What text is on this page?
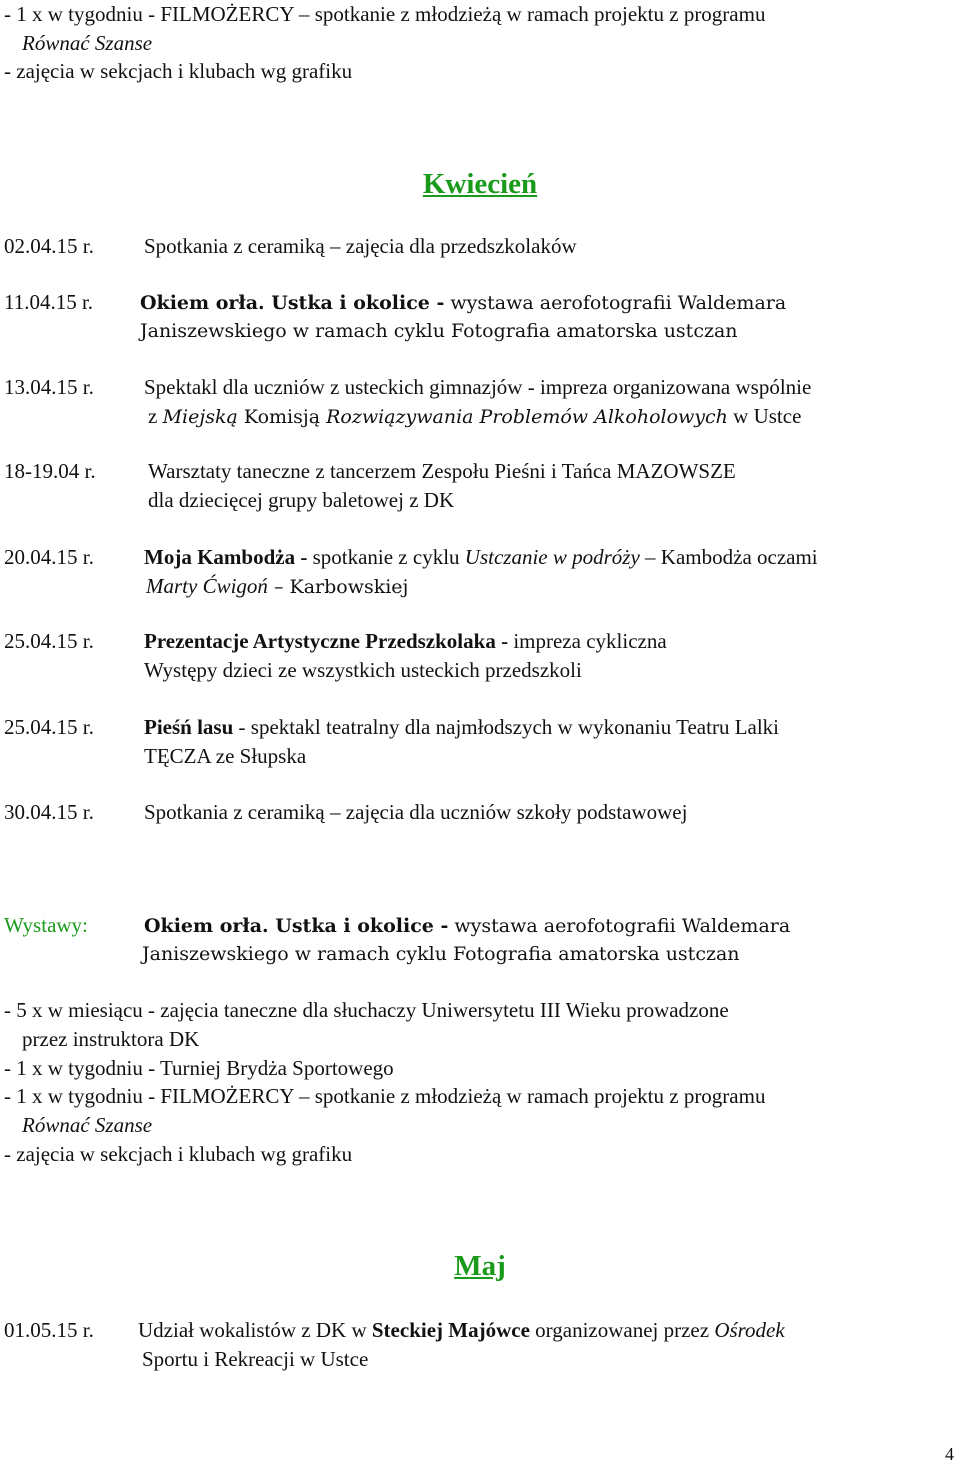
- 1 x w tygodniu - FILMOŻERCY – spotkanie z młodzieżą w ramach projektu z programu
Równać Szanse
- zajęcia w sekcjach i klubach wg grafiku
Kwiecień
02.04.15 r. Spotkania z ceramiką – zajęcia dla przedszkolaków
11.04.15 r. Okiem orła. Ustka i okolice - wystawa aerofotografii Waldemara
Janiszewskiego w ramach cyklu Fotografia amatorska ustczan
13.04.15 r. Spektakl dla uczniów z usteckich gimnazjów - impreza organizowana wspólnie
z Miejską Komisją Rozwiązywania Problemów Alkoholowych w Ustce
18-19.04 r. Warsztaty taneczne z tancerzem Zespołu Pieśni i Tańca MAZOWSZE
dla dziecięcej grupy baletowej z DK
20.04.15 r. Moja Kambodża - spotkanie z cyklu Ustczanie w podróży – Kambodża oczami
Marty Ćwigoń – Karbowskiej
25.04.15 r. Prezentacje Artystyczne Przedszkolaka - impreza cykliczna
Występy dzieci ze wszystkich usteckich przedszkoli
25.04.15 r. Pieśń lasu - spektakl teatralny dla najmłodszych w wykonaniu Teatru Lalki
TĘCZA ze Słupska
30.04.15 r. Spotkania z ceramiką – zajęcia dla uczniów szkoły podstawowej
Wystawy:	Okiem orła. Ustka i okolice - wystawa aerofotografii Waldemara
Janiszewskiego w ramach cyklu Fotografia amatorska ustczan
- 5 x w miesiącu - zajęcia taneczne dla słuchaczy Uniwersytetu III Wieku prowadzone
przez instruktora DK
- 1 x w tygodniu - Turniej Brydża Sportowego
- 1 x w tygodniu - FILMOŻERCY – spotkanie z młodzieżą w ramach projektu z programu
Równać Szanse
- zajęcia w sekcjach i klubach wg grafiku
Maj
01.05.15 r. Udział wokalistów z DK w Steckiej Majówce organizowanej przez Ośrodek
Sportu i Rekreacji w Ustce
4
